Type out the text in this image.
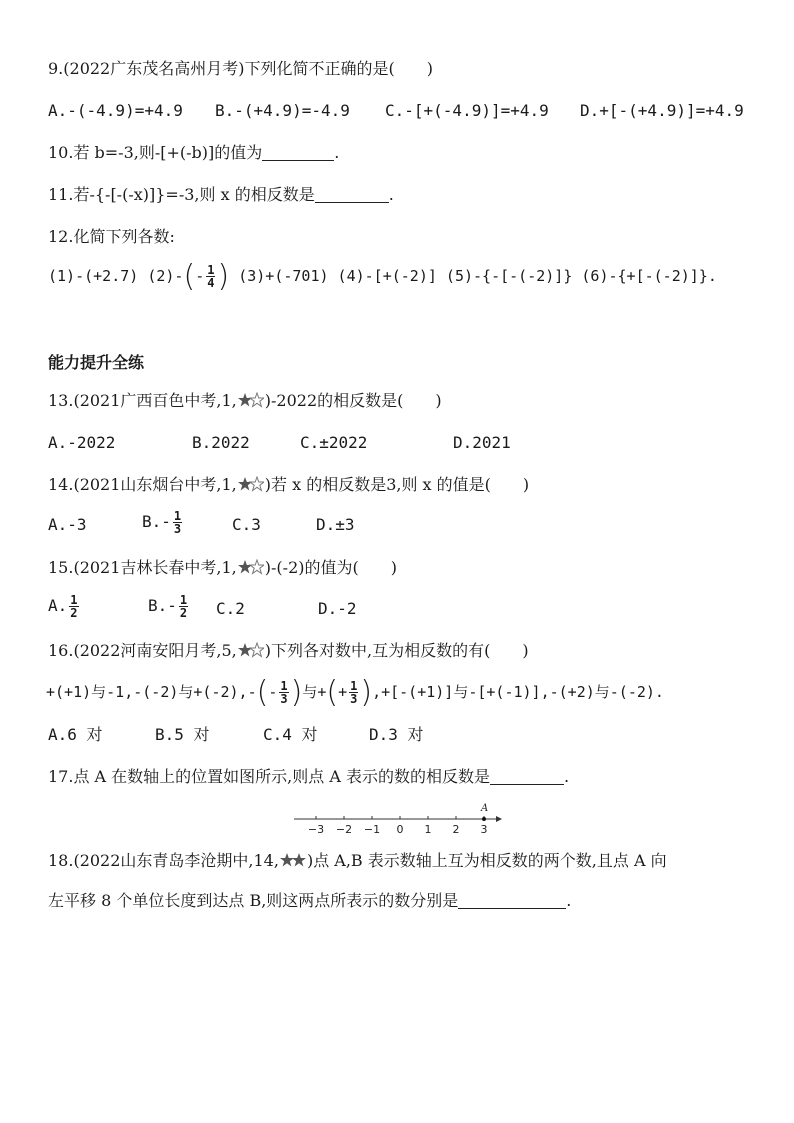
9.(2022广东茂名高州月考)下列化简不正确的是(　　)
A.-(-4.9)=+4.9 B.-(+4.9)=-4.9 C.-[+(-4.9)]=+4.9 D.+[-(+4.9)]=+4.9
10.若 b=-3,则-[+(-b)]的值为	.
11.若-{-[-(-x)]}=-3,则 x 的相反数是	.
12.化简下列各数:
(1)-(+2.7) $(2)-(- \frac{1}{4}$ ) (3)+(-701) (4)-[+(-2)] (5)-{-[-(-2)]} (6)-{+[-(-2)]}.
能力提升全练
13.(2021广西百色中考,1, )-2022的相反数是(　　)
A.-2022	B.2022	C.±2022	D.2021
14.(2021山东烟台中考,1, )若 x 的相反数是3,则 x 的值是(　　)
A.-3	$B.- \frac{1}{3}$	C.3	D.±3
15.(2021吉林长春中考,1, )-(-2)的值为(　　)
A. $\frac{1}{2}$	$B.- \frac{1}{2} C.2$	D.-2
16.(2022河南安阳月考,5, )下列各对数中,互为相反数的有(　　)
+(+1)与-1,-(-2)与$+(-2),-(- \frac{1}{3}$ )与+(+ $\frac{1}{3} ),+[-(+1)]$与-[+(-1)],-(+2)与-(-2).
A.6 对	B.5 对	C.4 对	D.3 对
17.点 A 在数轴上的位置如图所示,则点 A 表示的数的相反数是	.
−3 −2 −1 0 1 2 3
A
18.(2022山东青岛李沧期中,14, )点 A,B 表示数轴上互为相反数的两个数,且点 A 向
左平移 8 个单位长度到达点 B,则这两点所表示的数分别是	.
